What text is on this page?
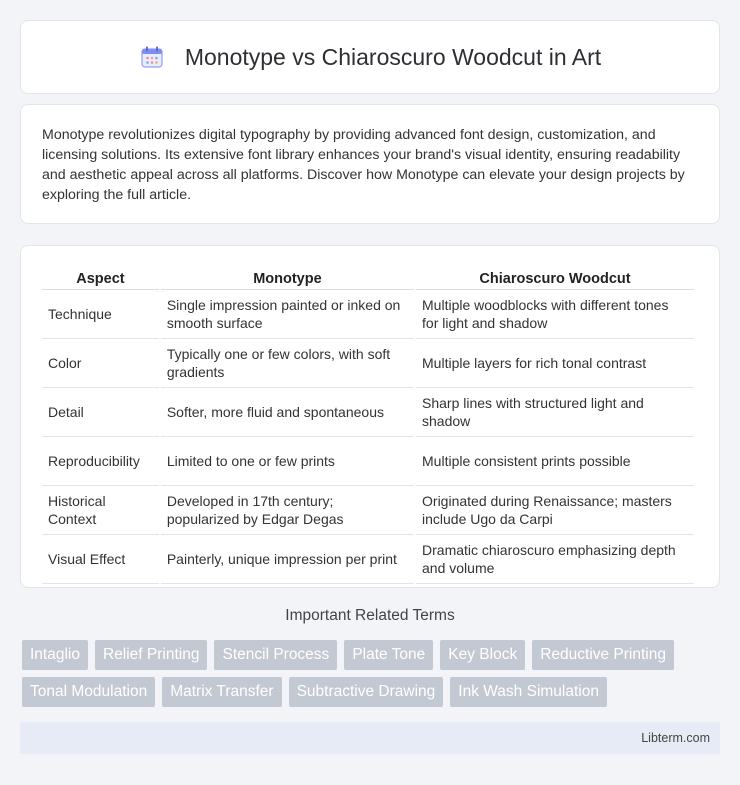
Monotype vs Chiaroscuro Woodcut in Art

Monotype revolutionizes digital typography by providing advanced font design, customization, and licensing solutions. Its extensive font library enhances your brand's visual identity, ensuring readability and aesthetic appeal across all platforms. Discover how Monotype can elevate your design projects by exploring the full article.

Aspect	Monotype	Chiaroscuro Woodcut
Technique	Single impression painted or inked on smooth surface	Multiple woodblocks with different tones for light and shadow
Color	Typically one or few colors, with soft gradients	Multiple layers for rich tonal contrast
Detail	Softer, more fluid and spontaneous	Sharp lines with structured light and shadow
Reproducibility	Limited to one or few prints	Multiple consistent prints possible
Historical Context	Developed in 17th century; popularized by Edgar Degas	Originated during Renaissance; masters include Ugo da Carpi
Visual Effect	Painterly, unique impression per print	Dramatic chiaroscuro emphasizing depth and volume
Important Related Terms
Intaglio	Relief Printing	Stencil Process	Plate Tone	Key Block	Reductive Printing
Tonal Modulation	Matrix Transfer	Subtractive Drawing	Ink Wash Simulation
Libterm.com
